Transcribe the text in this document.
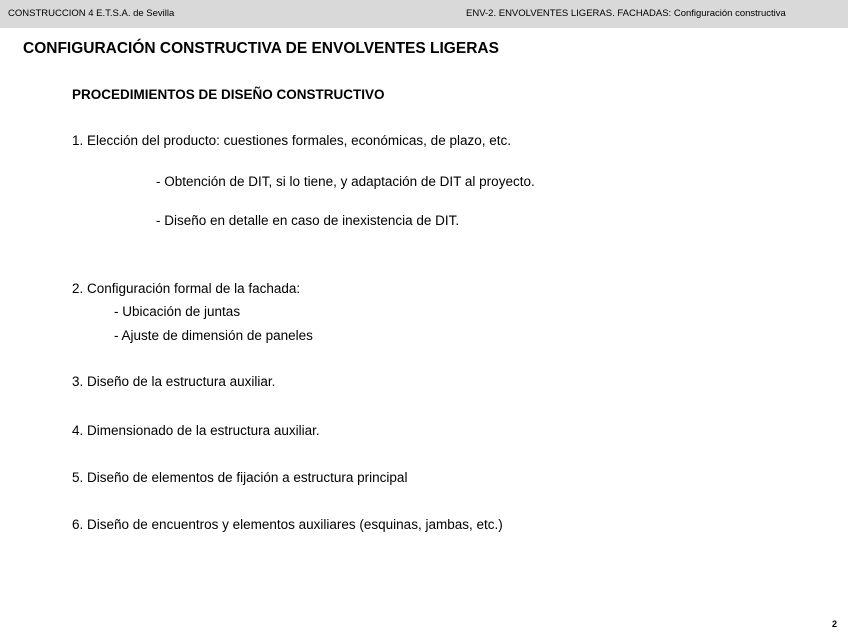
CONSTRUCCION 4 E.T.S.A. de Sevilla	ENV-2. ENVOLVENTES LIGERAS. FACHADAS: Configuración constructiva
CONFIGURACIÓN CONSTRUCTIVA DE ENVOLVENTES LIGERAS
PROCEDIMIENTOS DE DISEÑO CONSTRUCTIVO
1. Elección del producto: cuestiones formales, económicas, de plazo, etc.
- Obtención de DIT, si lo tiene, y adaptación de DIT al proyecto.
- Diseño en detalle en caso de inexistencia de DIT.
2. Configuración formal de la fachada:
- Ubicación de juntas
- Ajuste de dimensión de paneles
3. Diseño de la estructura auxiliar.
4. Dimensionado de la estructura auxiliar.
5. Diseño de elementos de fijación a estructura principal
6. Diseño de encuentros y elementos auxiliares (esquinas, jambas, etc.)
2
